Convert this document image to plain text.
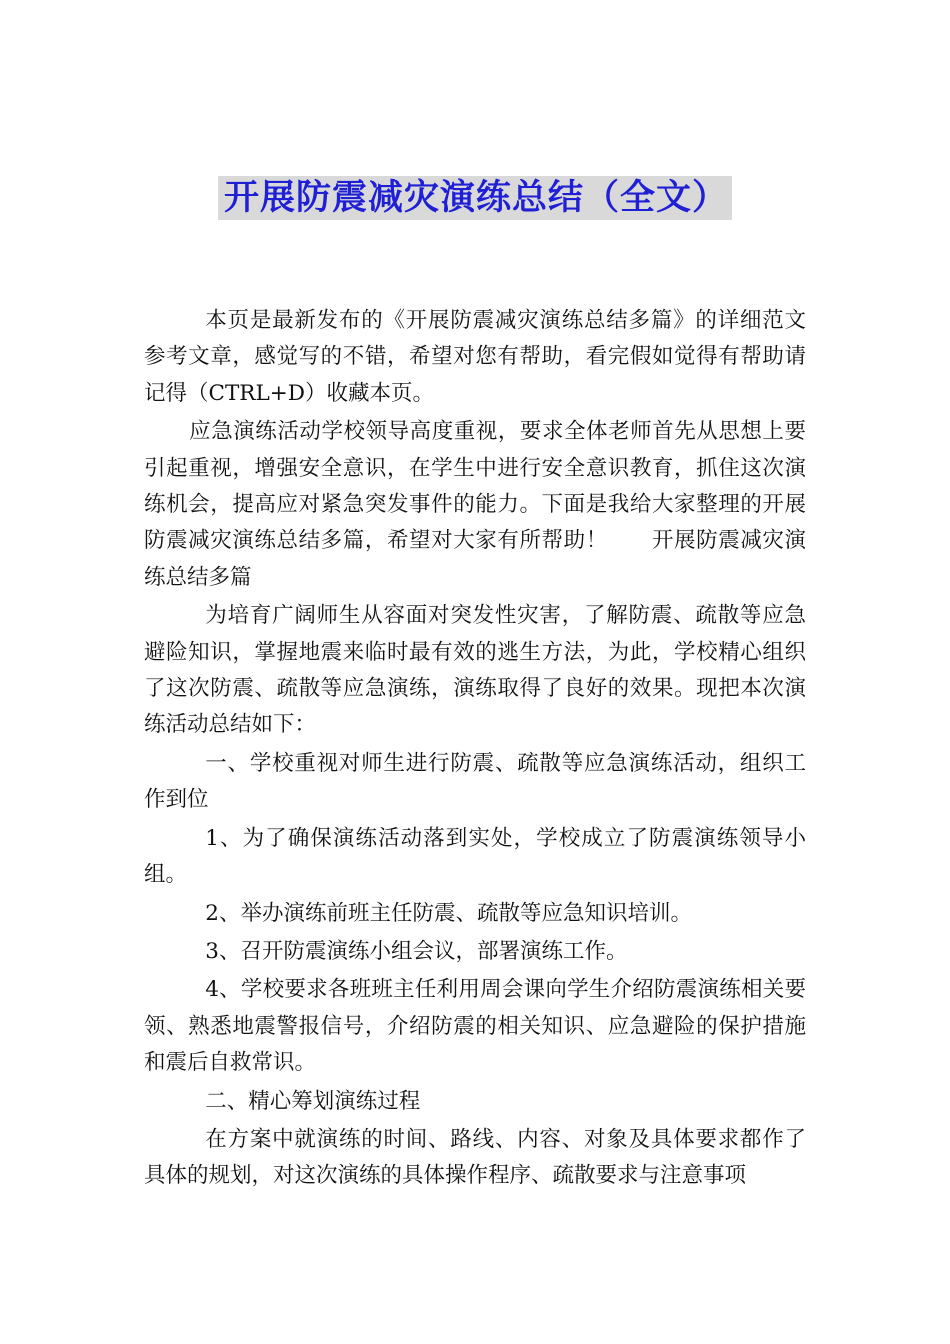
开展防震减灾演练总结（全文）

本页是最新发布的《开展防震减灾演练总结多篇》的详细范文参考文章，感觉写的不错，希望对您有帮助，看完假如觉得有帮助请记得（CTRL+D）收藏本页。

应急演练活动学校领导高度重视，要求全体老师首先从思想上要引起重视，增强安全意识，在学生中进行安全意识教育，抓住这次演练机会，提高应对紧急突发事件的能力。下面是我给大家整理的开展防震减灾演练总结多篇，希望对大家有所帮助！　　开展防震减灾演练总结多篇

为培育广阔师生从容面对突发性灾害，了解防震、疏散等应急避险知识，掌握地震来临时最有效的逃生方法，为此，学校精心组织了这次防震、疏散等应急演练，演练取得了良好的效果。现把本次演练活动总结如下：

一、学校重视对师生进行防震、疏散等应急演练活动，组织工作到位

1、为了确保演练活动落到实处，学校成立了防震演练领导小组。

2、举办演练前班主任防震、疏散等应急知识培训。

3、召开防震演练小组会议，部署演练工作。

4、学校要求各班班主任利用周会课向学生介绍防震演练相关要领、熟悉地震警报信号，介绍防震的相关知识、应急避险的保护措施和震后自救常识。

二、精心筹划演练过程

在方案中就演练的时间、路线、内容、对象及具体要求都作了具体的规划，对这次演练的具体操作程序、疏散要求与注意事项
